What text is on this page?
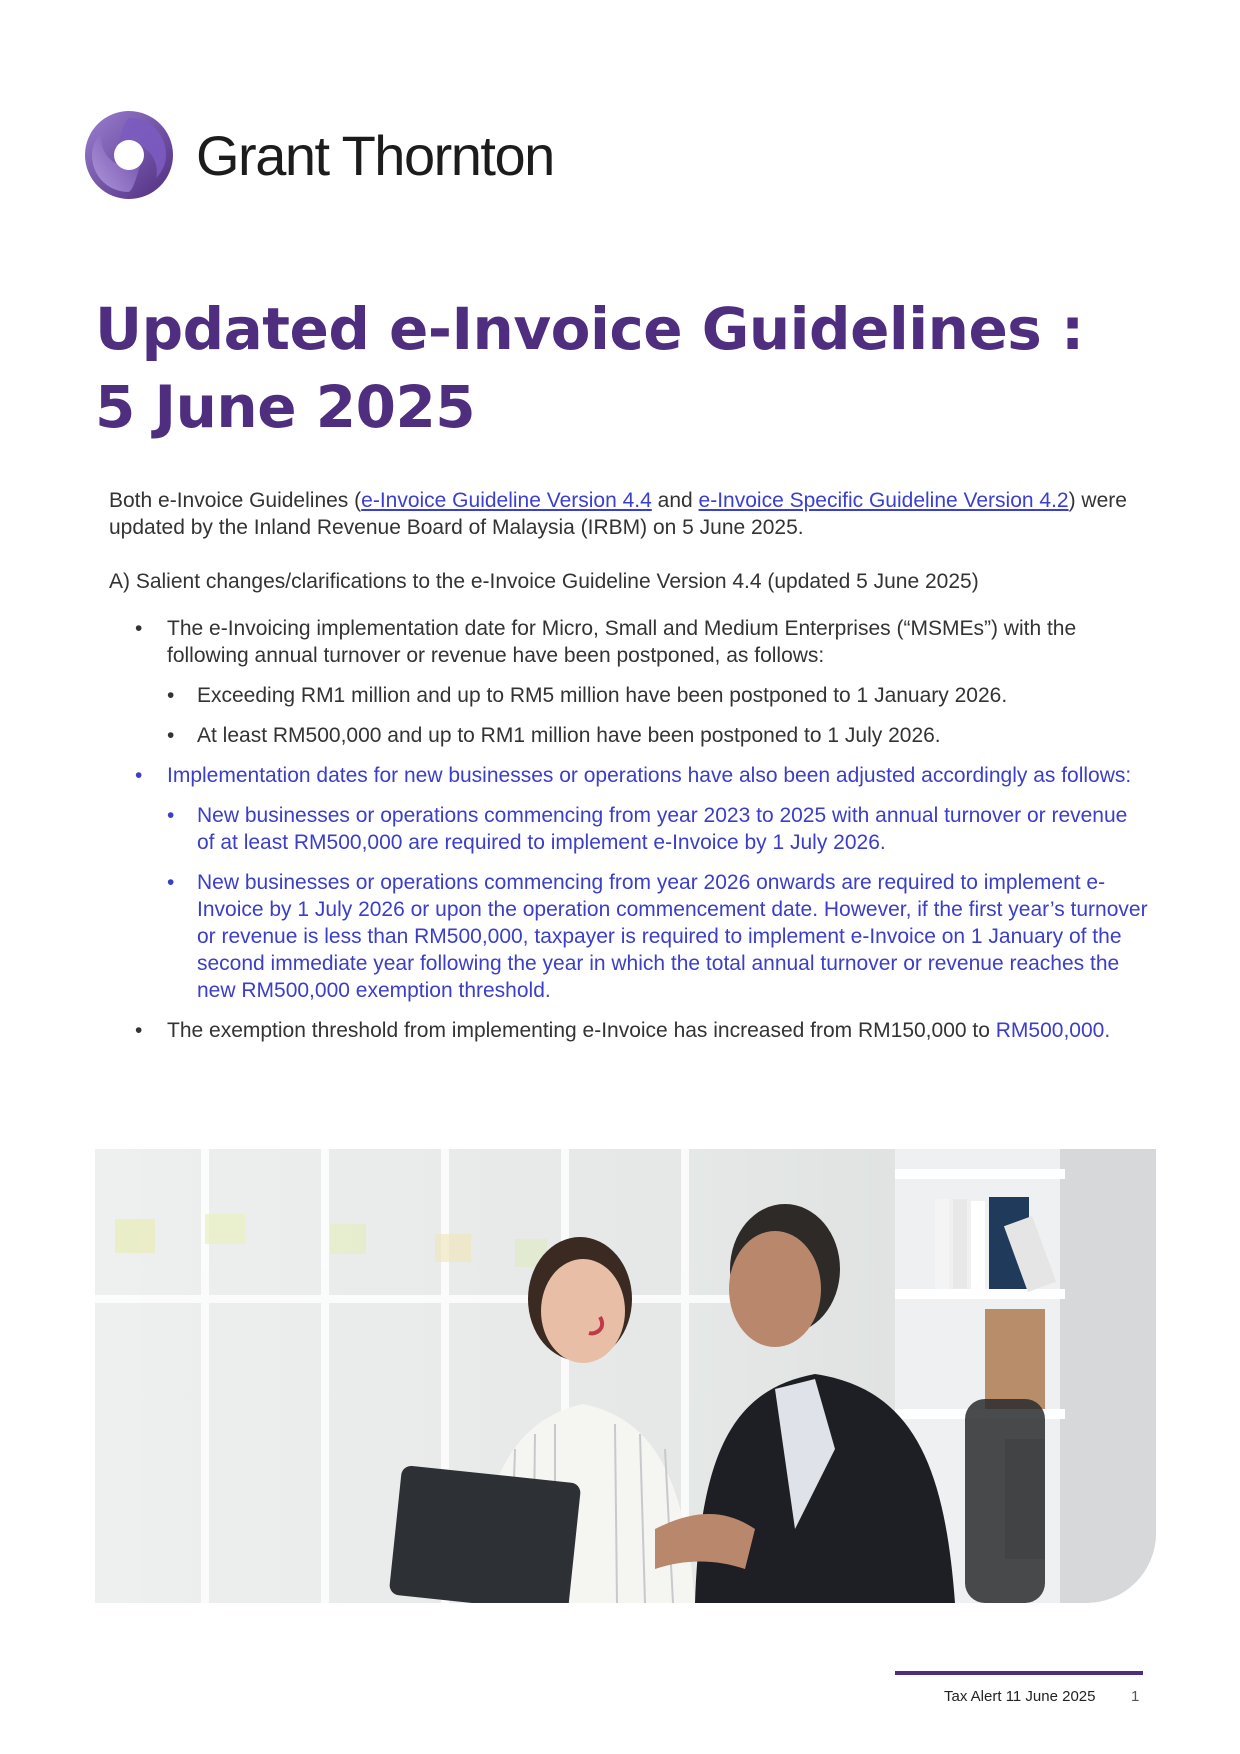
Grant Thornton
Updated e-Invoice Guidelines :
5 June 2025

Both e-Invoice Guidelines (e-Invoice Guideline Version 4.4 and e-Invoice Specific Guideline Version 4.2) were updated by the Inland Revenue Board of Malaysia (IRBM) on 5 June 2025.

A) Salient changes/clarifications to the e-Invoice Guideline Version 4.4 (updated 5 June 2025)

• The e-Invoicing implementation date for Micro, Small and Medium Enterprises (“MSMEs”) with the following annual turnover or revenue have been postponed, as follows:
• Exceeding RM1 million and up to RM5 million have been postponed to 1 January 2026.
• At least RM500,000 and up to RM1 million have been postponed to 1 July 2026.
• Implementation dates for new businesses or operations have also been adjusted accordingly as follows:
• New businesses or operations commencing from year 2023 to 2025 with annual turnover or revenue of at least RM500,000 are required to implement e-Invoice by 1 July 2026.
• New businesses or operations commencing from year 2026 onwards are required to implement e-Invoice by 1 July 2026 or upon the operation commencement date. However, if the first year’s turnover or revenue is less than RM500,000, taxpayer is required to implement e-Invoice on 1 January of the second immediate year following the year in which the total annual turnover or revenue reaches the new RM500,000 exemption threshold.
• The exemption threshold from implementing e-Invoice has increased from RM150,000 to RM500,000.
Tax Alert 11 June 2025 1
